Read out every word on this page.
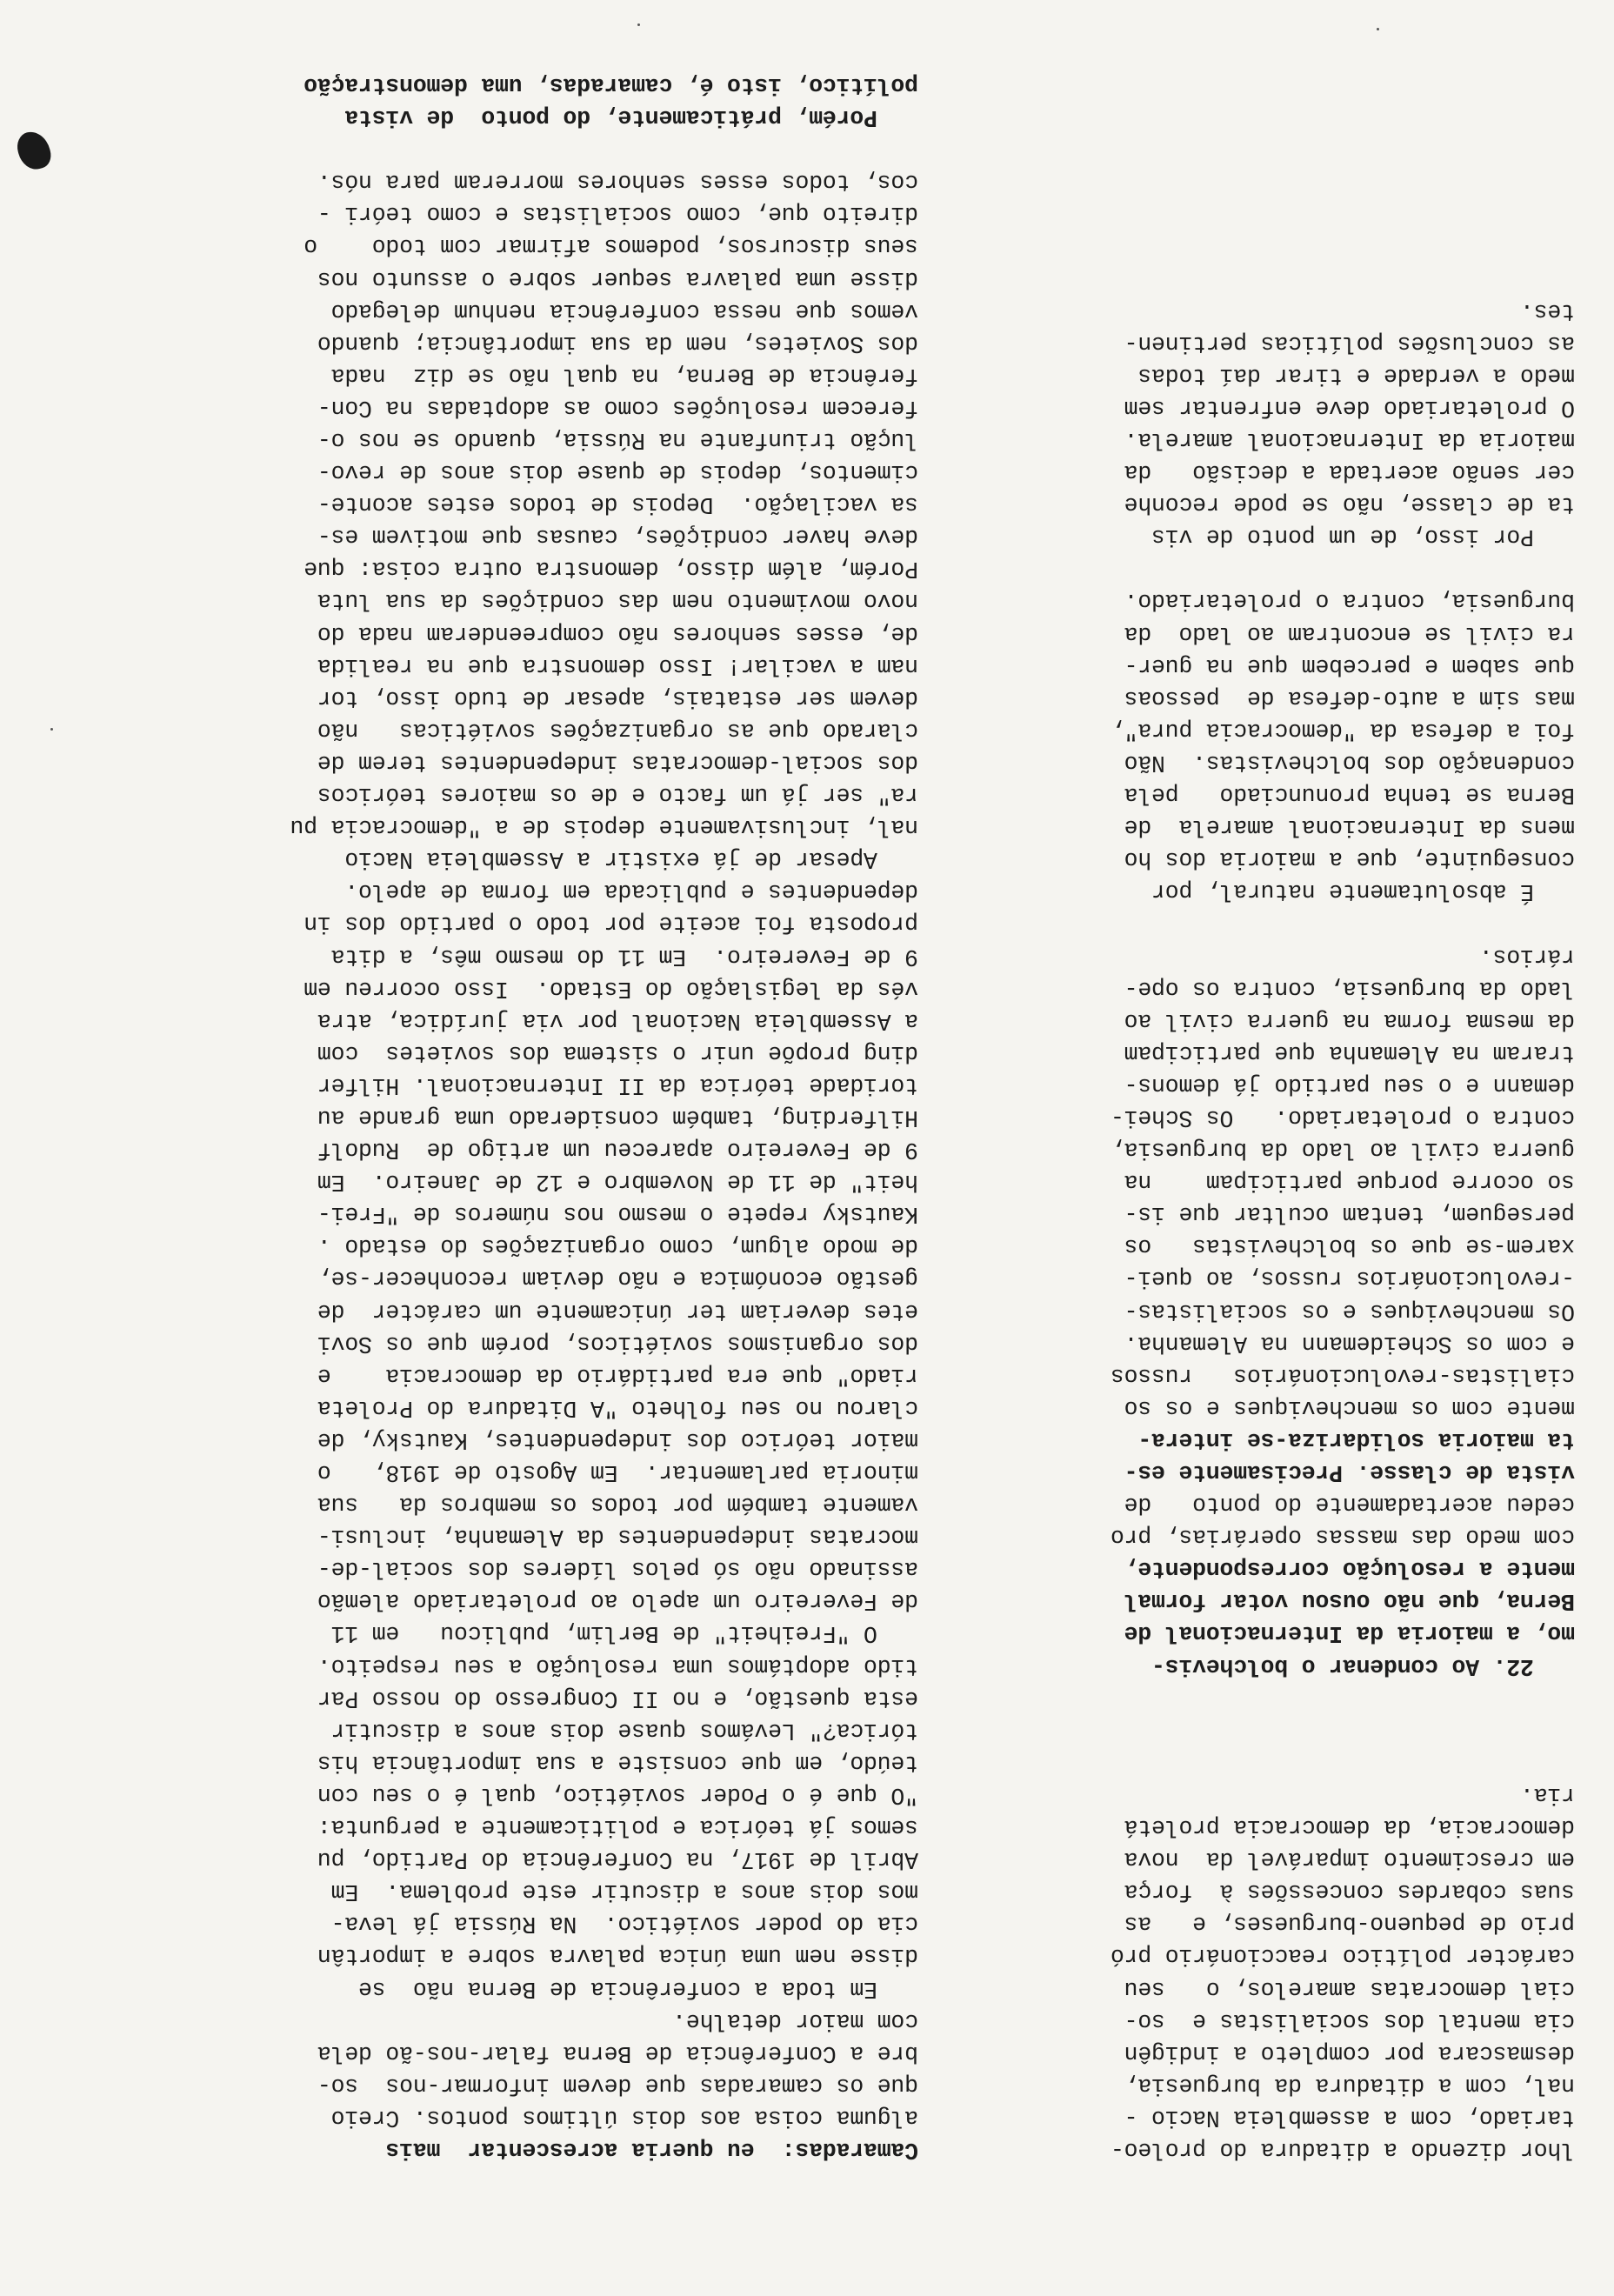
Camaradas:  eu queria acrescentar  mais
alguma coisa aos dois últimos pontos. Creio
que os camaradas que devem informar-nos  so-
bre a Conferência de Berna falar-nos-ão dela
com maior detalhe.
Em toda a conferência de Berna não  se
disse nem uma única palavra sobre a importân
cia do poder soviético.  Na Rússia já leva-
mos dois anos a discutir este problema.  Em
Abril de 1917, na Conferência do Partido, pu
semos já teórica e politicamente a pergunta:
"O que é o Poder soviético, qual é o seu con
teúdo, em que consiste a sua importância his
tórica?" Levámos quase dois anos a discutir
esta questão, e no II Congresso do nosso Par
tido adoptámos uma resolução a seu respeito.
O "Freiheit" de Berlim, publicou   em 11
de Fevereiro um apelo ao proletariado alemão
assinado não só pelos líderes dos social-de-
mocratas independentes da Alemanha, inclusi-
vamente também por todos os membros da   sua
minoria parlamentar.  Em Agosto de 1918,   o
maior teórico dos independentes, Kautsky, de
clarou no seu folheto "A Ditadura do Proleta
riado" que era partidário da democracia    e
dos organismos soviéticos, porém que os Sovi
etes deveriam ter únicamente um carácter  de
gestão económica e não deviam reconhecer-se,
de modo algum, como organizações do estado .
Kautsky repete o mesmo nos números de "Frei-
heit" de 11 de Novembro e 12 de Janeiro.  Em
9 de Fevereiro apareceu um artigo de  Rudolf
Hilferding, também considerado uma grande au
toridade teórica da II Internacional. Hilfer
ding propõe unir o sistema dos sovietes  com
a Assembleia Nacional por via jurídica, atra
vés da legislação do Estado.  Isso ocorreu em
9 de Fevereiro.  Em 11 do mesmo mês, a dita
proposta foi aceite por todo o partido dos in
dependentes e publicada em forma de apelo.
Apesar de já existir a Assembleia Nacio
nal, inclusivamente depois de a "democracia pu
ra" ser já um facto e de os maiores teóricos
dos social-democratas independentes terem de
clarado que as organizações soviéticas   não
devem ser estatais, apesar de tudo isso, tor
nam a vacilar! Isso demonstra que na realida
de, esses senhores não compreenderam nada do
novo movimento nem das condições da sua luta
Porém, além disso, demonstra outra coisa: que
deve haver condições, causas que motivem es-
sa vacilação.  Depois de todos estes aconte-
cimentos, depois de quase dois anos de revo-
lução triunfante na Rússia, quando se nos o-
ferecem resoluções como as adoptadas na Con-
ferência de Berna, na qual não se diz  nada
dos Sovietes, nem da sua importância; quando
vemos que nessa conferência nenhum delegado
disse uma palavra sequer sobre o assunto nos
seus discursos, podemos afirmar com todo    o
direito que, como socialistas e como teóri -
cos, todos esses senhores morreram para nós.
Porém, práticamente, do ponto  de vista
político, isto é, camaradas, uma demonstração
lhor dizendo a ditadura do proleo-
tariado, com a assembleia Nacio -
nal, com a ditadura da burguesia,
desmascara por completo a indigên
cia mental dos socialistas e  so-
cial democratas amarelos, o   seu
carácter político reaccionário pró
prio de pequeno-burgueses, e   as
suas cobardes concessões à  força
em crescimento imparável da  nova
democracia, da democracia proletá
ria.
22. Ao condenar o bolchevis-
mo, a maioria da Internacional de
Berna, que não ousou votar formal
mente a resolução correspondente,
com medo das massas operárias, pro
cedeu acertadamente do ponto   de
vista de classe. Precisamente es-
ta maioria solidariza-se intera-
mente com os mencheviques e os so
cialistas-revolucionários   russos
e com os Scheidemann na Alemanha.
Os mencheviques e os socialistas-
-revolucionários russos, ao quei-
xarem-se que os bolchevistas   os
perseguem, tentam ocultar que is-
so ocorre porque participam    na
guerra civil ao lado da burguesia,
contra o proletariado.   Os Schei-
demann e o seu partido já demons-
traram na Alemanha que participam
da mesma forma na guerra civil ao
lado da burguesia, contra os ope-
rários.
É absolutamente natural, por
conseguinte, que a maioria dos ho
mens da Internacional amarela  de
Berna se tenha pronunciado   pela
condenação dos bolchevistas.  Não
foi a defesa da "democracia pura",
mas sim a auto-defesa de  pessoas
que sabem e percebem que na guer-
ra civil se encontram ao lado  da
burguesia, contra o proletariado.
Por isso, de um ponto de vis
ta de classe, não se pode reconhe
cer senão acertada a decisão   da
maioria da Internacional amarela.
O proletariado deve enfrentar sem
medo a verdade e tirar daí todas
as conclusões políticas pertinen-
tes.
